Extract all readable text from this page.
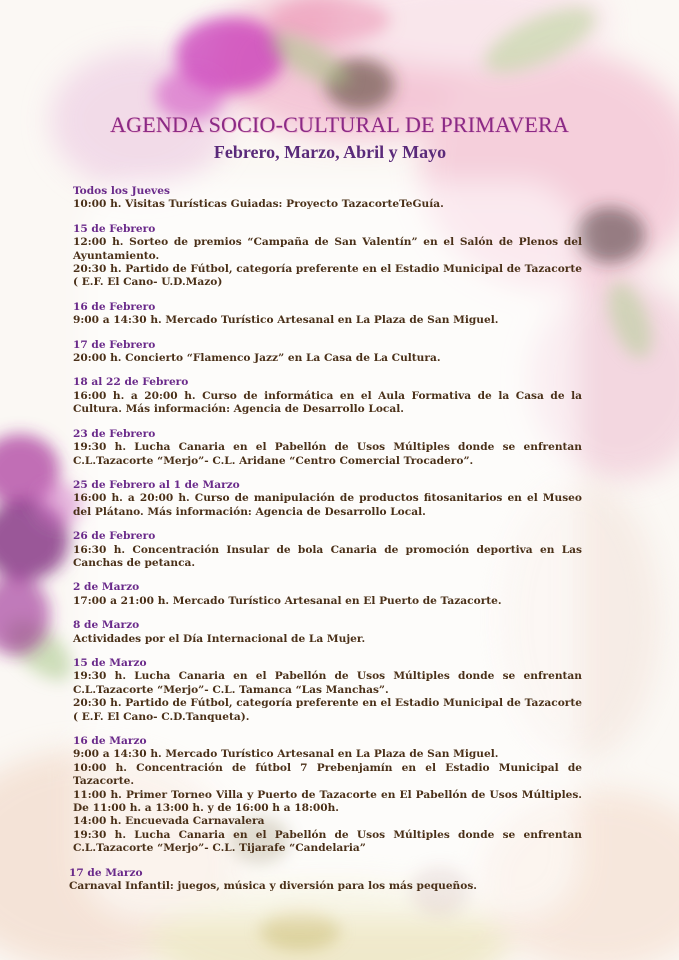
AGENDA SOCIO-CULTURAL DE PRIMAVERA
Febrero, Marzo, Abril y Mayo
Todos los Jueves
10:00 h. Visitas Turísticas Guiadas: Proyecto TazacorteTeGuía.
15 de Febrero
12:00 h. Sorteo de premios “Campaña de San Valentín” en el Salón de Plenos del Ayuntamiento.
20:30 h. Partido de Fútbol, categoría preferente en el Estadio Municipal de Tazacorte ( E.F. El Cano- U.D.Mazo)
16 de Febrero
9:00 a 14:30 h. Mercado Turístico Artesanal en La Plaza de San Miguel.
17 de Febrero
20:00 h. Concierto “Flamenco Jazz” en La Casa de La Cultura.
18 al 22 de Febrero
16:00 h. a 20:00 h. Curso de informática en el Aula Formativa de la Casa de la Cultura. Más información: Agencia de Desarrollo Local.
23 de Febrero
19:30 h. Lucha Canaria en el Pabellón de Usos Múltiples donde se enfrentan C.L.Tazacorte “Merjo”- C.L. Aridane “Centro Comercial Trocadero”.
25 de Febrero al 1 de Marzo
16:00 h. a 20:00 h. Curso de manipulación de productos fitosanitarios en el Museo del Plátano. Más información: Agencia de Desarrollo Local.
26 de Febrero
16:30 h. Concentración Insular de bola Canaria de promoción deportiva en Las Canchas de petanca.
2 de Marzo
17:00 a 21:00 h. Mercado Turístico Artesanal en El Puerto de Tazacorte.
8 de Marzo
Actividades por el Día Internacional de La Mujer.
15 de Marzo
19:30 h. Lucha Canaria en el Pabellón de Usos Múltiples donde se enfrentan C.L.Tazacorte “Merjo”- C.L. Tamanca “Las Manchas”.
20:30 h. Partido de Fútbol, categoría preferente en el Estadio Municipal de Tazacorte ( E.F. El Cano- C.D.Tanqueta).
16 de Marzo
9:00 a 14:30 h. Mercado Turístico Artesanal en La Plaza de San Miguel.
10:00 h. Concentración de fútbol 7 Prebenjamín en el Estadio Municipal de Tazacorte.
11:00 h. Primer Torneo Villa y Puerto de Tazacorte en El Pabellón de Usos Múltiples. De 11:00 h. a 13:00 h. y de 16:00 h a 18:00h.
14:00 h. Encuevada Carnavalera
19:30 h. Lucha Canaria en el Pabellón de Usos Múltiples donde se enfrentan C.L.Tazacorte “Merjo”- C.L. Tijarafe “Candelaria”
17 de Marzo
Carnaval Infantil: juegos, música y diversión para los más pequeños.
